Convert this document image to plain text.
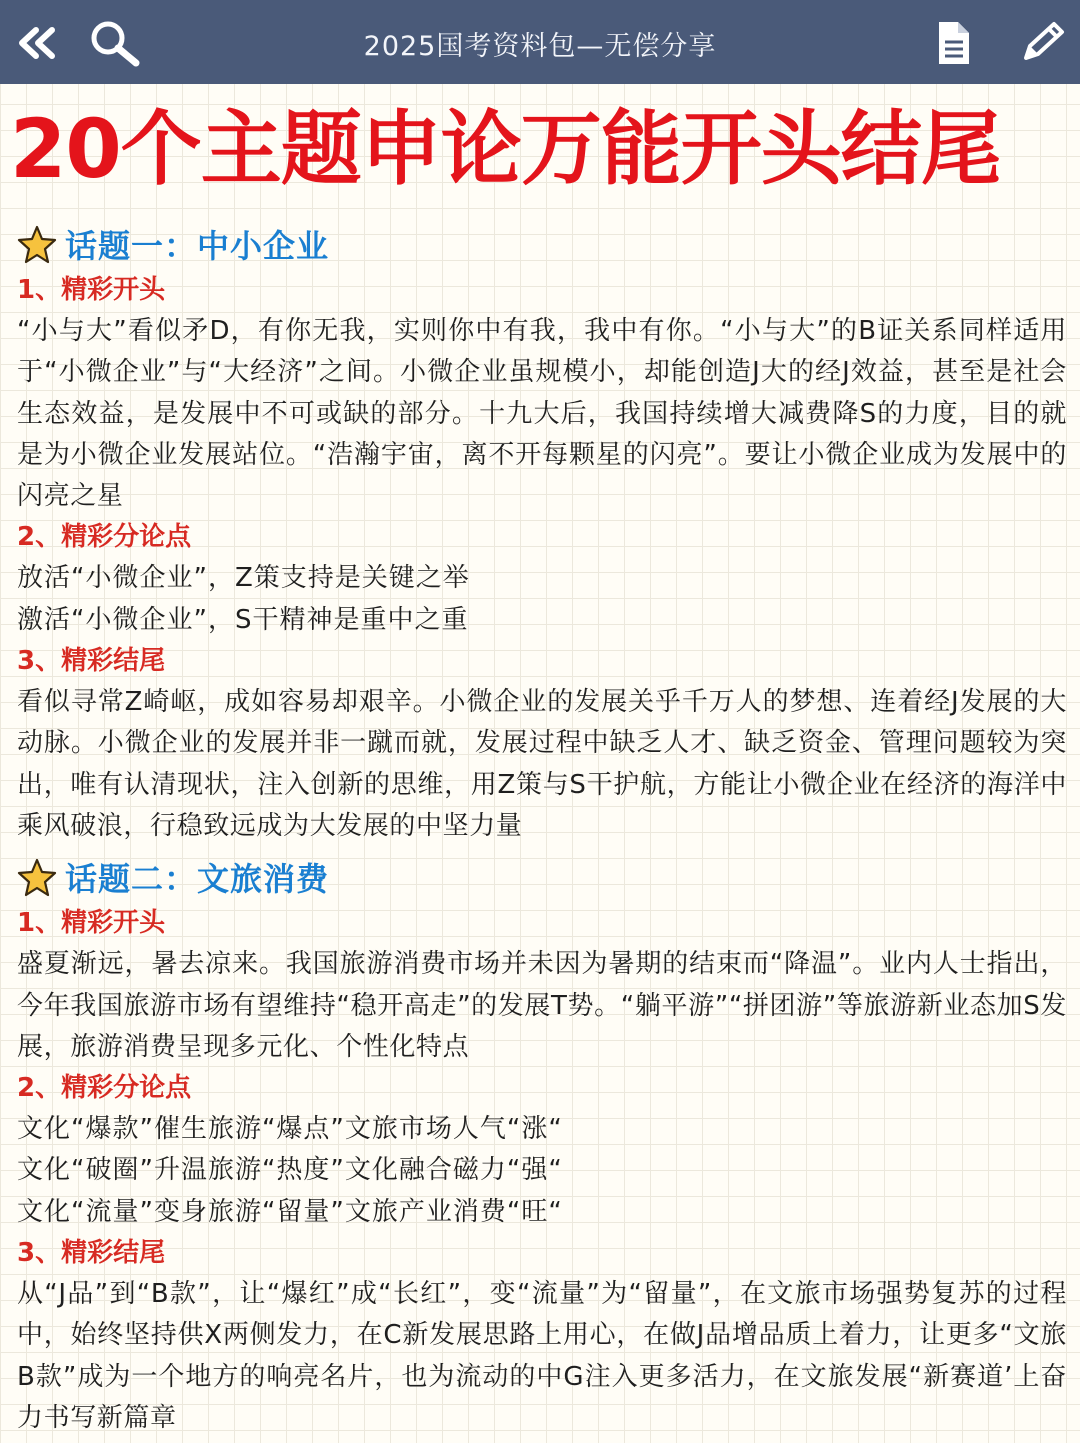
2025国考资料包—无偿分享
20个主题申论万能开头结尾
话题一：中小企业
1、精彩开头

“小与大”看似矛D，有你无我，实则你中有我，我中有你。“小与大”的B证关系同样适用于“小微企业”与“大经济”之间。小微企业虽规模小，却能创造J大的经J效益，甚至是社会生态效益，是发展中不可或缺的部分。十九大后，我国持续增大减费降S的力度，目的就是为小微企业发展站位。“浩瀚宇宙，离不开每颗星的闪亮”。要让小微企业成为发展中的闪亮之星

2、精彩分论点
放活“小微企业”，Z策支持是关键之举
激活“小微企业”，S干精神是重中之重
3、精彩结尾

看似寻常Z崎岖，成如容易却艰辛。小微企业的发展关乎千万人的梦想、连着经J发展的大动脉。小微企业的发展并非一蹴而就，发展过程中缺乏人才、缺乏资金、管理问题较为突出，唯有认清现状，注入创新的思维，用Z策与S干护航，方能让小微企业在经济的海洋中乘风破浪，行稳致远成为大发展的中坚力量

话题二：文旅消费
1、精彩开头

盛夏渐远，暑去凉来。我国旅游消费市场并未因为暑期的结束而“降温”。业内人士指出，今年我国旅游市场有望维持“稳开高走”的发展T势。“躺平游”“拼团游”等旅游新业态加S发展，旅游消费呈现多元化、个性化特点

2、精彩分论点
文化“爆款”催生旅游“爆点”文旅市场人气“涨“
文化“破圈”升温旅游“热度”文化融合磁力“强“
文化“流量”变身旅游“留量”文旅产业消费“旺“
3、精彩结尾

从“J品”到“B款”，让“爆红”成“长红”，变“流量”为“留量”，在文旅市场强势复苏的过程中，始终坚持供X两侧发力，在C新发展思路上用心，在做J品增品质上着力，让更多“文旅B款”成为一个地方的响亮名片，也为流动的中G注入更多活力，在文旅发展“新赛道’上奋力书写新篇章
